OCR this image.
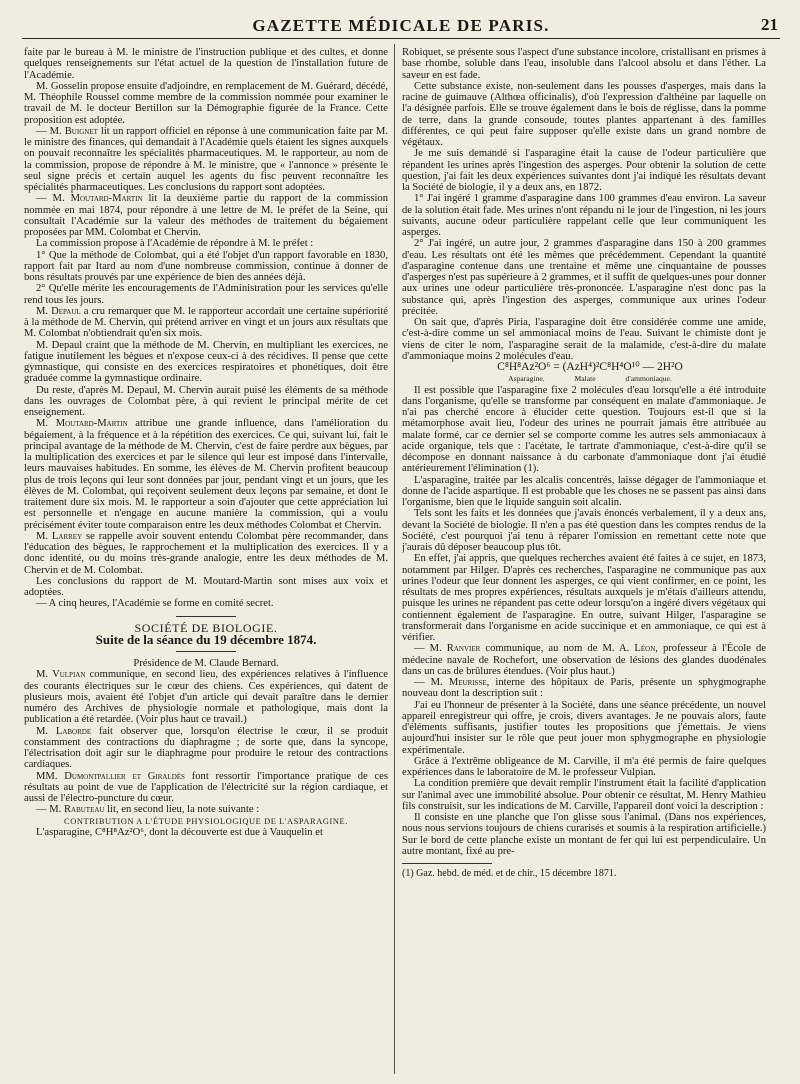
GAZETTE MÉDICALE DE PARIS.	21

faite par le bureau à M. le ministre de l'instruction publique et des cultes, et donne quelques renseignements sur l'état actuel de la question de l'installation future de l'Académie.

M. Gosselin propose ensuite d'adjoindre, en remplacement de M. Guérard, décédé, M. Théophile Roussel comme membre de la commission nommée pour examiner le travail de M. le docteur Bertillon sur la Démographie figurée de la France. Cette proposition est adoptée.

— M. Buignet lit un rapport officiel en réponse à une communication faite par M. le ministre des finances, qui demandait à l'Académie quels étaient les signes auxquels on pouvait reconnaître les spécialités pharmaceutiques. M. le rapporteur, au nom de la commission, propose de répondre à M. le ministre, que « l'annonce » présente le seul signe précis et certain auquel les agents du fisc peuvent reconnaître les spécialités pharmaceutiques. Les conclusions du rapport sont adoptées.

— M. Moutard-Martin lit la deuxième partie du rapport de la commission nommée en mai 1874, pour répondre à une lettre de M. le préfet de la Seine, qui consultait l'Académie sur la valeur des méthodes de traitement du bégaiement proposées par MM. Colombat et Chervin.

La commission propose à l'Académie de répondre à M. le préfet :

1° Que la méthode de Colombat, qui a été l'objet d'un rapport favorable en 1830, rapport fait par Itard au nom d'une nombreuse commission, continue à donner de bons résultats prouvés par une expérience de bien des années déjà.

2° Qu'elle mérite les encouragements de l'Administration pour les services qu'elle rend tous les jours.

M. Depaul a cru remarquer que M. le rapporteur accordait une certaine supériorité à la méthode de M. Chervin, qui prétend arriver en vingt et un jours aux résultats que M. Colombat n'obtiendrait qu'en six mois.

M. Depaul craint que la méthode de M. Chervin, en multipliant les exercices, ne fatigue inutilement les bègues et n'expose ceux-ci à des récidives. Il pense que cette gymnastique, qui consiste en des exercices respiratoires et phonétiques, doit être graduée comme la gymnastique ordinaire.

Du reste, d'après M. Depaul, M. Chervin aurait puisé les éléments de sa méthode dans les ouvrages de Colombat père, à qui revient le principal mérite de cet enseignement.

M. Moutard-Martin attribue une grande influence, dans l'amélioration du bégaiement, à la fréquence et à la répétition des exercices. Ce qui, suivant lui, fait le principal avantage de la méthode de M. Chervin, c'est de faire perdre aux bègues, par la multiplication des exercices et par le silence qui leur est imposé dans l'intervalle, leurs mauvaises habitudes. En somme, les élèves de M. Chervin profitent beaucoup plus de trois leçons qui leur sont données par jour, pendant vingt et un jours, que les élèves de M. Colombat, qui reçoivent seulement deux leçons par semaine, et dont le traitement dure six mois. M. le rapporteur a soin d'ajouter que cette appréciation lui est personnelle et n'engage en aucune manière la commission, qui a voulu précisément éviter toute comparaison entre les deux méthodes Colombat et Chervin.

M. Larrey se rappelle avoir souvent entendu Colombat père recommander, dans l'éducation des bègues, le rapprochement et la multiplication des exercices. Il y a donc identité, ou du moins très-grande analogie, entre les deux méthodes de M. Chervin et de M. Colombat.

Les conclusions du rapport de M. Moutard-Martin sont mises aux voix et adoptées.

— A cinq heures, l'Académie se forme en comité secret.

SOCIÉTÉ DE BIOLOGIE.

Suite de la séance du 19 décembre 1874.

Présidence de M. Claude Bernard.

M. Vulpian communique, en second lieu, des expériences relatives à l'influence des courants électriques sur le cœur des chiens. Ces expériences, qui datent de plusieurs mois, avaient été l'objet d'un article qui devait paraître dans le dernier numéro des Archives de physiologie normale et pathologique, mais dont la publication a été retardée. (Voir plus haut ce travail.)

M. Laborde fait observer que, lorsqu'on électrise le cœur, il se produit constamment des contractions du diaphragme ; de sorte que, dans la syncope, l'électrisation doit agir sur le diaphragme pour produire le retour des contractions cardiaques.

MM. Dumontpallier et Giraldès font ressortir l'importance pratique de ces résultats au point de vue de l'application de l'électricité sur la région cardiaque, et aussi de l'électro-puncture du cœur.

— M. Rabuteau lit, en second lieu, la note suivante :

CONTRIBUTION A L'ÉTUDE PHYSIOLOGIQUE DE L'ASPARAGINE.

L'asparagine, C⁸H⁸Az²O⁶, dont la découverte est due à Vauquelin et

Robiquet, se présente sous l'aspect d'une substance incolore, cristallisant en prismes à base rhombe, soluble dans l'eau, insoluble dans l'alcool absolu et dans l'éther. La saveur en est fade.

Cette substance existe, non-seulement dans les pousses d'asperges, mais dans la racine de guimauve (Althœa officinalis), d'où l'expression d'althéine par laquelle on l'a désignée parfois. Elle se trouve également dans le bois de réglisse, dans la pomme de terre, dans la grande consoude, toutes plantes appartenant à des familles différentes, ce qui peut faire supposer qu'elle existe dans un grand nombre de végétaux.

Je me suis demandé si l'asparagine était la cause de l'odeur particulière que répandent les urines après l'ingestion des asperges. Pour obtenir la solution de cette question, j'ai fait les deux expériences suivantes dont j'ai indiqué les résultats devant la Société de biologie, il y a deux ans, en 1872.

1° J'ai ingéré 1 gramme d'asparagine dans 100 grammes d'eau environ. La saveur de la solution était fade. Mes urines n'ont répandu ni le jour de l'ingestion, ni les jours suivants, aucune odeur particulière rappelant celle que leur communiquent les asperges.

2° J'ai ingéré, un autre jour, 2 grammes d'asparagine dans 150 à 200 grammes d'eau. Les résultats ont été les mêmes que précédemment. Cependant la quantité d'asparagine contenue dans une trentaine et même une cinquantaine de pousses d'asperges n'est pas supérieure à 2 grammes, et il suffit de quelques-unes pour donner aux urines une odeur particulière très-prononcée. L'asparagine n'est donc pas la substance qui, après l'ingestion des asperges, communique aux urines l'odeur précitée.

On sait que, d'après Piria, l'asparagine doit être considérée comme une amide, c'est-à-dire comme un sel ammoniacal moins de l'eau. Suivant le chimiste dont je viens de citer le nom, l'asparagine serait de la malamide, c'est-à-dire du malate d'ammoniaque moins 2 molécules d'eau.

C⁸H⁸Az²O⁶ = (AzH⁴)²C⁸H⁴O¹⁰ — 2H²O

Asparagine.	Malate d'ammoniaque.

Il est possible que l'asparagine fixe 2 molécules d'eau lorsqu'elle a été introduite dans l'organisme, qu'elle se transforme par conséquent en malate d'ammoniaque. Je n'ai pas cherché encore à élucider cette question. Toujours est-il que si la métamorphose avait lieu, l'odeur des urines ne pourrait jamais être attribuée au malate formé, car ce dernier sel se comporte comme les autres sels ammoniacaux à acide organique, tels que : l'acétate, le tartrate d'ammoniaque, c'est-à-dire qu'il se décompose en donnant naissance à du carbonate d'ammoniaque dont j'ai étudié antérieurement l'élimination (1).

L'asparagine, traitée par les alcalis concentrés, laisse dégager de l'ammoniaque et donne de l'acide aspartique. Il est probable que les choses ne se passent pas ainsi dans l'organisme, bien que le liquide sanguin soit alcalin.

Tels sont les faits et les données que j'avais énoncés verbalement, il y a deux ans, devant la Société de biologie. Il n'en a pas été question dans les comptes rendus de la Société, c'est pourquoi j'ai tenu à réparer l'omission en remettant cette note que j'aurais dû déposer beaucoup plus tôt.

En effet, j'ai appris, que quelques recherches avaient été faites à ce sujet, en 1873, notamment par Hilger. D'après ces recherches, l'asparagine ne communique pas aux urines l'odeur que leur donnent les asperges, ce qui vient confirmer, en ce point, les résultats de mes propres expériences, résultats auxquels je m'étais d'ailleurs attendu, puisque les urines ne répandent pas cette odeur lorsqu'on a ingéré divers végétaux qui contiennent également de l'asparagine. En outre, suivant Hilger, l'asparagine se transformerait dans l'organisme en acide succinique et en ammoniaque, ce qui est à vérifier.

— M. Ranvier communique, au nom de M. A. Léon, professeur à l'École de médecine navale de Rochefort, une observation de lésions des glandes duodénales dans un cas de brûlures étendues. (Voir plus haut.)

— M. Meurisse, interne des hôpitaux de Paris, présente un sphygmographe nouveau dont la description suit :

J'ai eu l'honneur de présenter à la Société, dans une séance précédente, un nouvel appareil enregistreur qui offre, je crois, divers avantages. Je ne pouvais alors, faute d'éléments suffisants, justifier toutes les propositions que j'émettais. Je viens aujourd'hui insister sur le rôle que peut jouer mon sphygmographe en physiologie expérimentale.

Grâce à l'extrême obligeance de M. Carville, il m'a été permis de faire quelques expériences dans le laboratoire de M. le professeur Vulpian.

La condition première que devait remplir l'instrument était la facilité d'application sur l'animal avec une immobilité absolue. Pour obtenir ce résultat, M. Henry Mathieu fils construisit, sur les indications de M. Carville, l'appareil dont voici la description :

Il consiste en une planche que l'on glisse sous l'animal. (Dans nos expériences, nous nous servions toujours de chiens curarisés et soumis à la respiration artificielle.) Sur le bord de cette planche existe un montant de fer qui lui est perpendiculaire. Un autre montant, fixé au pre-

(1) Gaz. hebd. de méd. et de chir., 15 décembre 1871.
